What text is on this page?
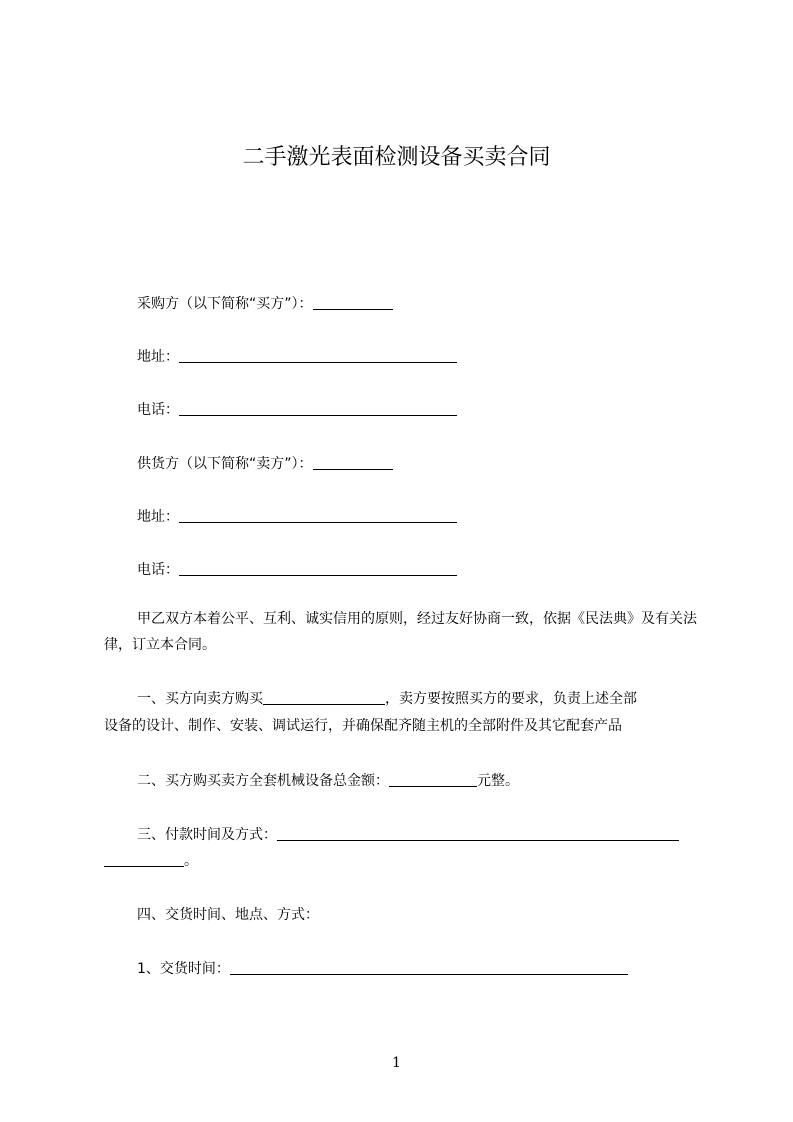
二手激光表面检测设备买卖合同
采购方（以下简称“买方”）：
地址：
电话：
供货方（以下简称“卖方”）：
地址：
电话：
甲乙双方本着公平、互利、诚实信用的原则，经过友好协商一致，依据《民法典》及有关法律，订立本合同。
一、买方向卖方购买	，卖方要按照买方的要求，负责上述全部
设备的设计、制作、安装、调试运行，并确保配齐随主机的全部附件及其它配套产品
二、买方购买卖方全套机械设备总金额：	元整。
三、付款时间及方式：
。
四、交货时间、地点、方式：
1、交货时间：
1
